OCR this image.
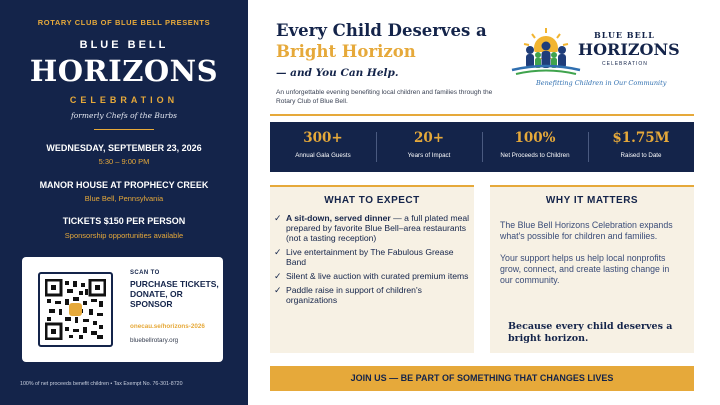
ROTARY CLUB OF BLUE BELL PRESENTS
BLUE BELL
HORIZONS
CELEBRATION
formerly Chefs of the Burbs
WEDNESDAY, SEPTEMBER 23, 2026
5:30 – 9:00 PM
MANOR HOUSE AT PROPHECY CREEK
Blue Bell, Pennsylvania
TICKETS $150 PER PERSON
Sponsorship opportunities available
SCAN TO
PURCHASE TICKETS, DONATE, OR SPONSOR
onecau.se/horizons-2026
bluebellrotary.org
100% of net proceeds benefit children • Tax Exempt No. 76-301-8720
Every Child Deserves a
Bright Horizon
— and You Can Help.
An unforgettable evening benefiting local children and families through the Rotary Club of Blue Bell.
BLUE BELL
HORIZONS
CELEBRATION
Benefitting Children in Our Community
300+
Annual Gala Guests
20+
Years of Impact
100%
Net Proceeds to Children
$1.75M
Raised to Date
WHAT TO EXPECT
✓ A sit-down, served dinner — a full plated meal prepared by favorite Blue Bell–area restaurants (not a tasting reception)
✓ Live entertainment by The Fabulous Grease Band
✓ Silent & live auction with curated premium items
✓ Paddle raise in support of children's organizations
WHY IT MATTERS

The Blue Bell Horizons Celebration expands what's possible for children and families.

Your support helps us help local nonprofits grow, connect, and create lasting change in our community.

Because every child deserves a bright horizon.
JOIN US — BE PART OF SOMETHING THAT CHANGES LIVES
